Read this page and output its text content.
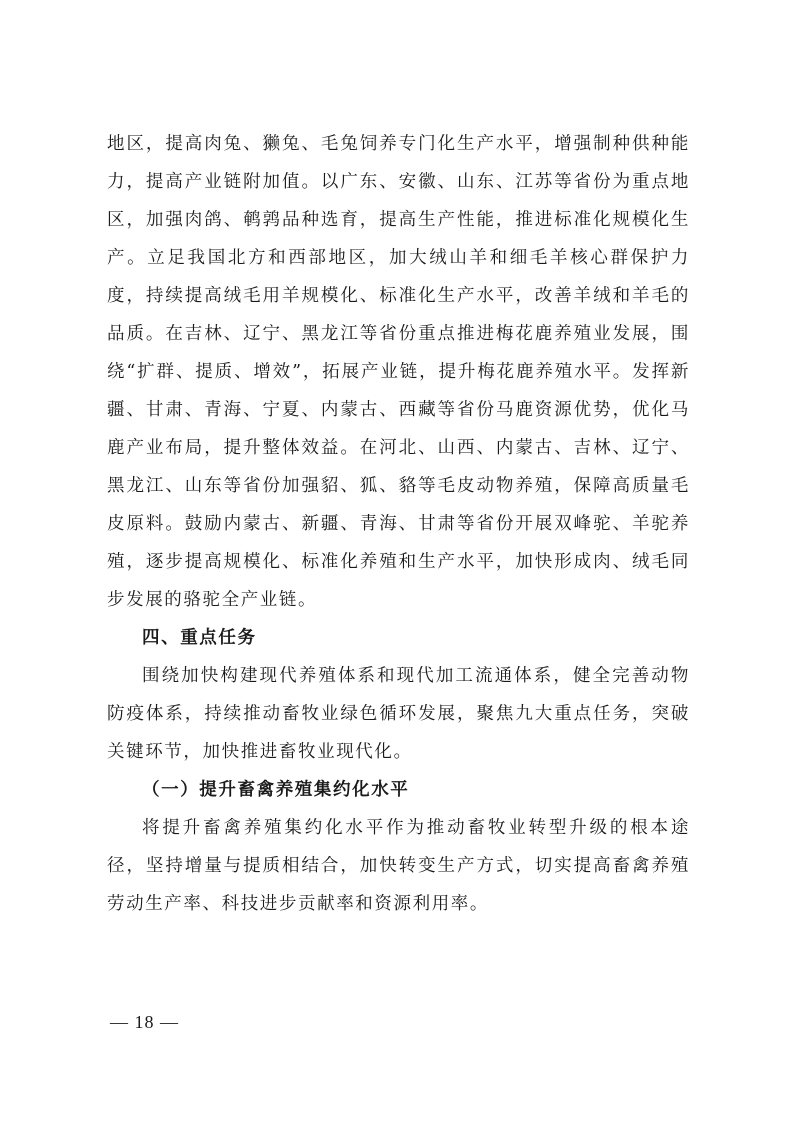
地区，提高肉兔、獭兔、毛兔饲养专门化生产水平，增强制种供种能力，提高产业链附加值。以广东、安徽、山东、江苏等省份为重点地区，加强肉鸽、鹌鹑品种选育，提高生产性能，推进标准化规模化生产。立足我国北方和西部地区，加大绒山羊和细毛羊核心群保护力度，持续提高绒毛用羊规模化、标准化生产水平，改善羊绒和羊毛的品质。在吉林、辽宁、黑龙江等省份重点推进梅花鹿养殖业发展，围绕“扩群、提质、增效”，拓展产业链，提升梅花鹿养殖水平。发挥新疆、甘肃、青海、宁夏、内蒙古、西藏等省份马鹿资源优势，优化马鹿产业布局，提升整体效益。在河北、山西、内蒙古、吉林、辽宁、黑龙江、山东等省份加强貂、狐、貉等毛皮动物养殖，保障高质量毛皮原料。鼓励内蒙古、新疆、青海、甘肃等省份开展双峰驼、羊驼养殖，逐步提高规模化、标准化养殖和生产水平，加快形成肉、绒毛同步发展的骆驼全产业链。

四、重点任务

围绕加快构建现代养殖体系和现代加工流通体系，健全完善动物防疫体系，持续推动畜牧业绿色循环发展，聚焦九大重点任务，突破关键环节，加快推进畜牧业现代化。

（一）提升畜禽养殖集约化水平

将提升畜禽养殖集约化水平作为推动畜牧业转型升级的根本途径，坚持增量与提质相结合，加快转变生产方式，切实提高畜禽养殖劳动生产率、科技进步贡献率和资源利用率。

— 18 —
